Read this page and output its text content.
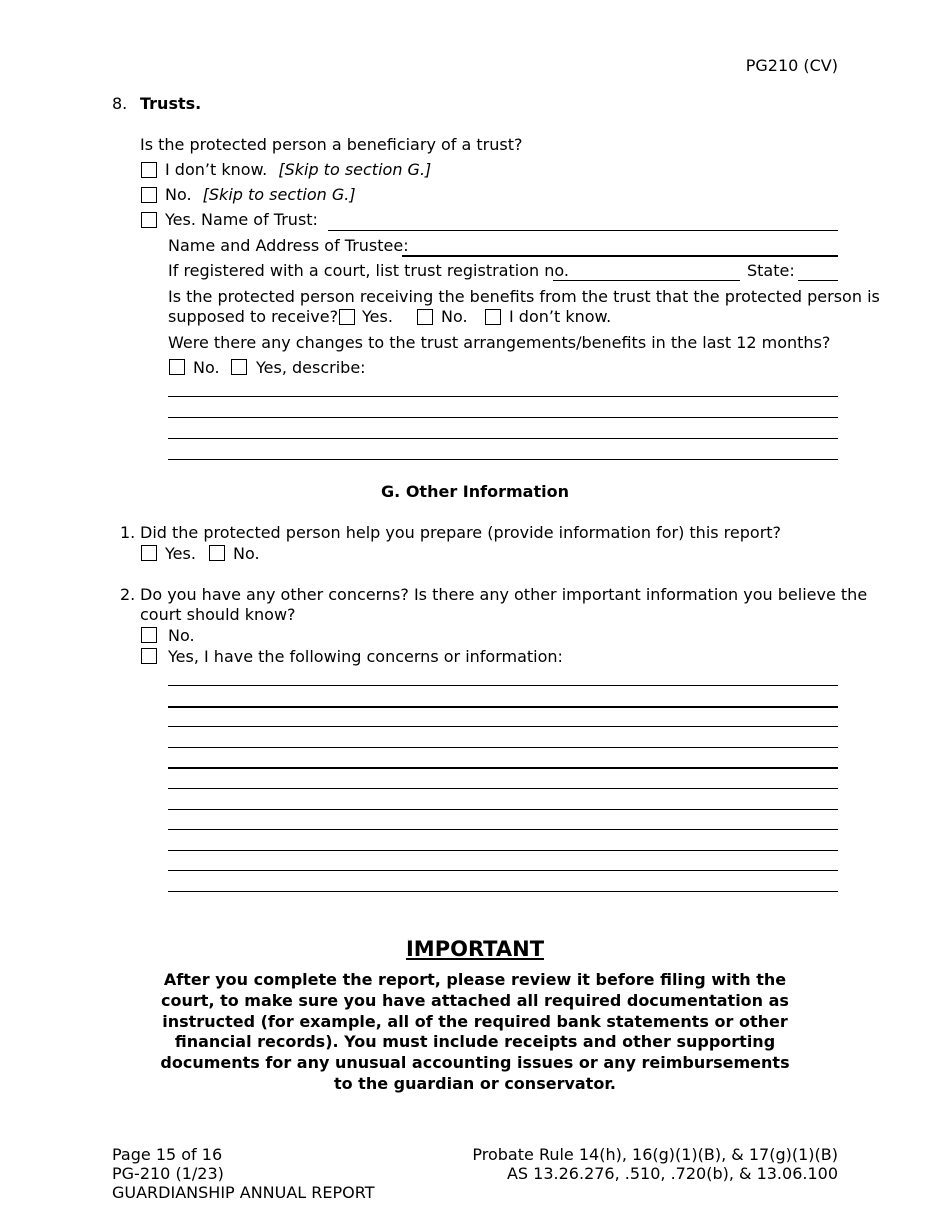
PG210 (CV)
8. Trusts.
Is the protected person a beneficiary of a trust?
I don’t know. [Skip to section G.]
No. [Skip to section G.]
Yes. Name of Trust:
Name and Address of Trustee:
If registered with a court, list trust registration no.	State:
Is the protected person receiving the benefits from the trust that the protected person is
supposed to receive? Yes.	No.	I don’t know.
Were there any changes to the trust arrangements/benefits in the last 12 months?
No. Yes, describe:
G. Other Information
1. Did the protected person help you prepare (provide information for) this report?
Yes. No.
2. Do you have any other concerns? Is there any other important information you believe the
court should know?
No.
Yes, I have the following concerns or information:
IMPORTANT
After you complete the report, please review it before filing with the
court, to make sure you have attached all required documentation as
instructed (for example, all of the required bank statements or other
financial records). You must include receipts and other supporting
documents for any unusual accounting issues or any reimbursements
to the guardian or conservator.
Page 15 of 16
PG-210 (1/23)
GUARDIANSHIP ANNUAL REPORT
Probate Rule 14(h), 16(g)(1)(B), & 17(g)(1)(B)
AS 13.26.276, .510, .720(b), & 13.06.100
